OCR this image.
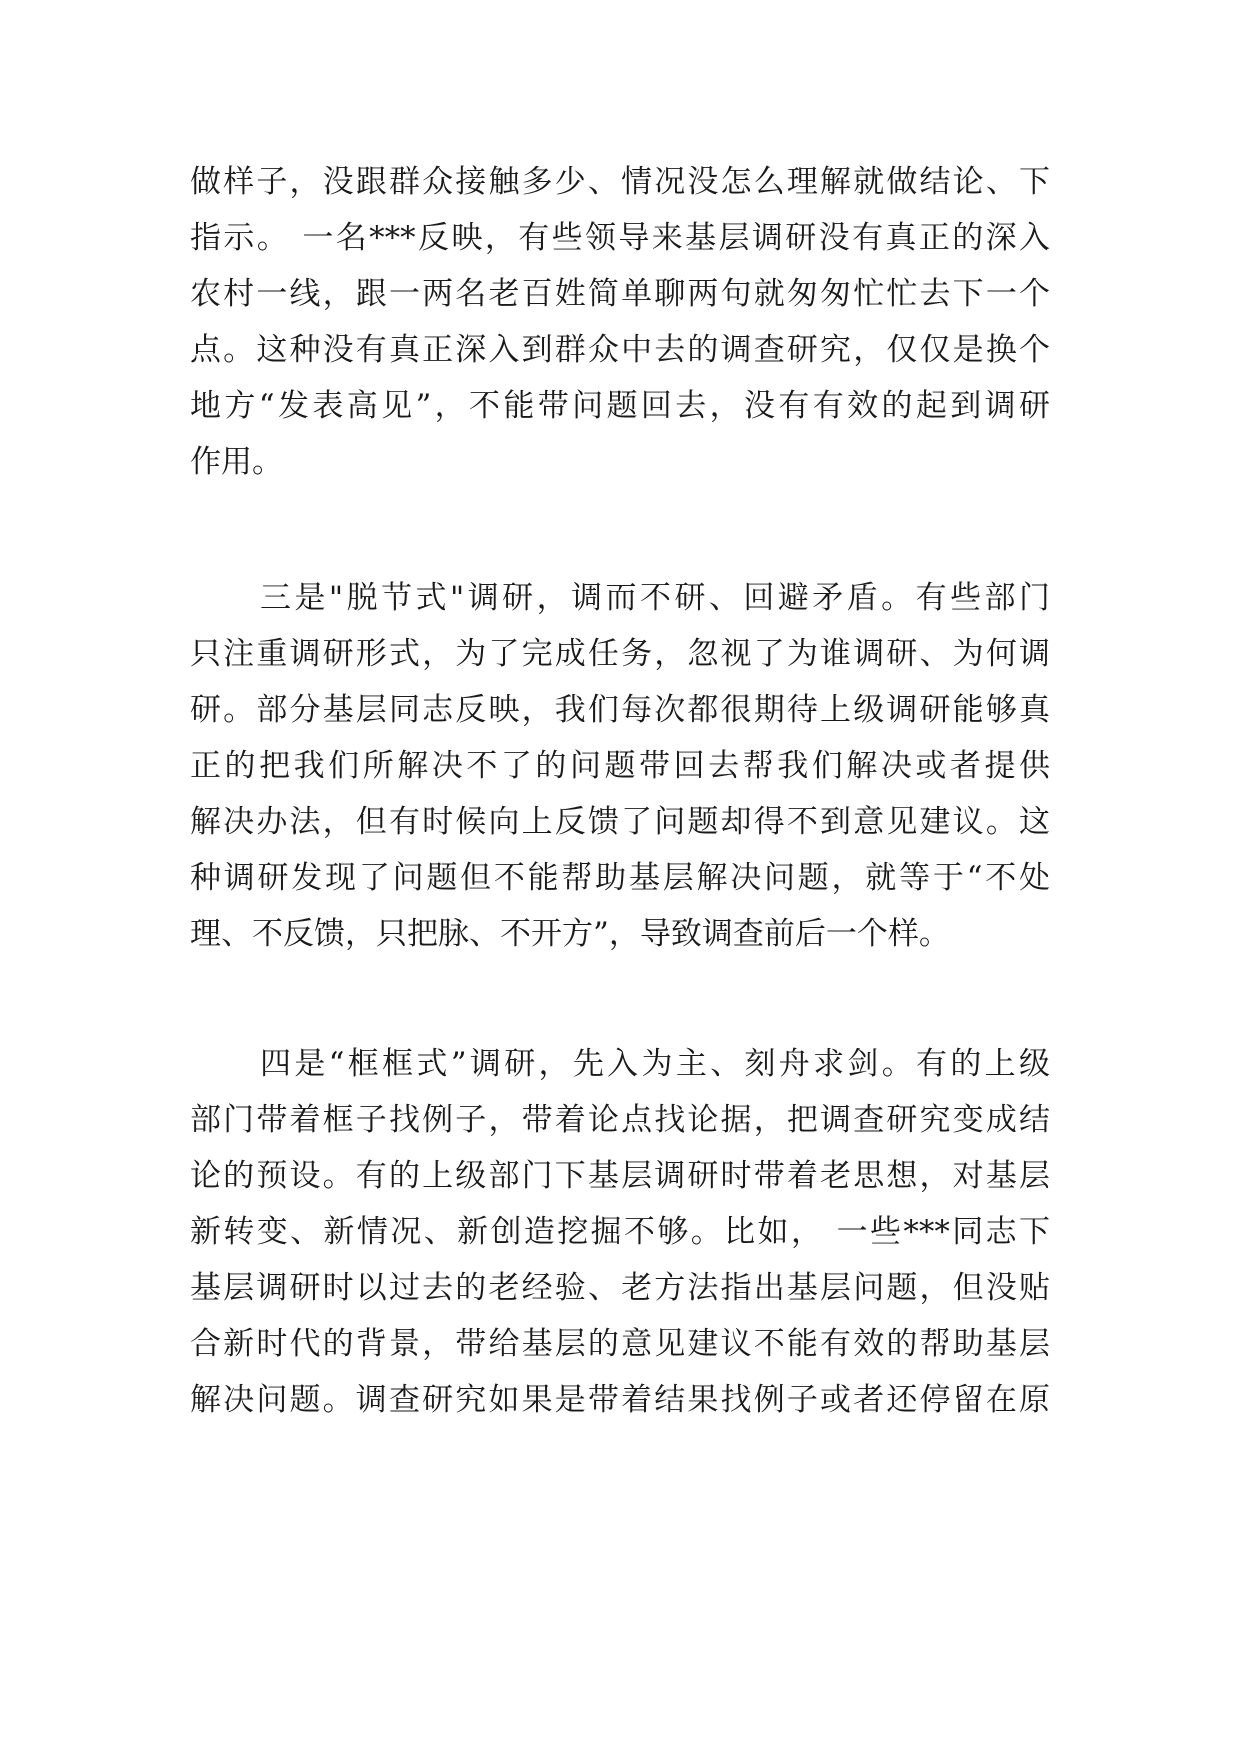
做样子，没跟群众接触多少、情况没怎么理解就做结论、下
指示。 一名***反映，有些领导来基层调研没有真正的深入
农村一线，跟一两名老百姓简单聊两句就匆匆忙忙去下一个
点。这种没有真正深入到群众中去的调查研究，仅仅是换个
地方“发表高见”，不能带问题回去，没有有效的起到调研
作用。
三是"脱节式"调研，调而不研、回避矛盾。有些部门
只注重调研形式，为了完成任务，忽视了为谁调研、为何调
研。部分基层同志反映，我们每次都很期待上级调研能够真
正的把我们所解决不了的问题带回去帮我们解决或者提供
解决办法，但有时候向上反馈了问题却得不到意见建议。这
种调研发现了问题但不能帮助基层解决问题，就等于“不处
理、不反馈，只把脉、不开方”，导致调查前后一个样。
四是“框框式”调研，先入为主、刻舟求剑。有的上级
部门带着框子找例子，带着论点找论据，把调查研究变成结
论的预设。有的上级部门下基层调研时带着老思想，对基层
新转变、新情况、新创造挖掘不够。比如， 一些***同志下
基层调研时以过去的老经验、老方法指出基层问题，但没贴
合新时代的背景，带给基层的意见建议不能有效的帮助基层
解决问题。调查研究如果是带着结果找例子或者还停留在原
